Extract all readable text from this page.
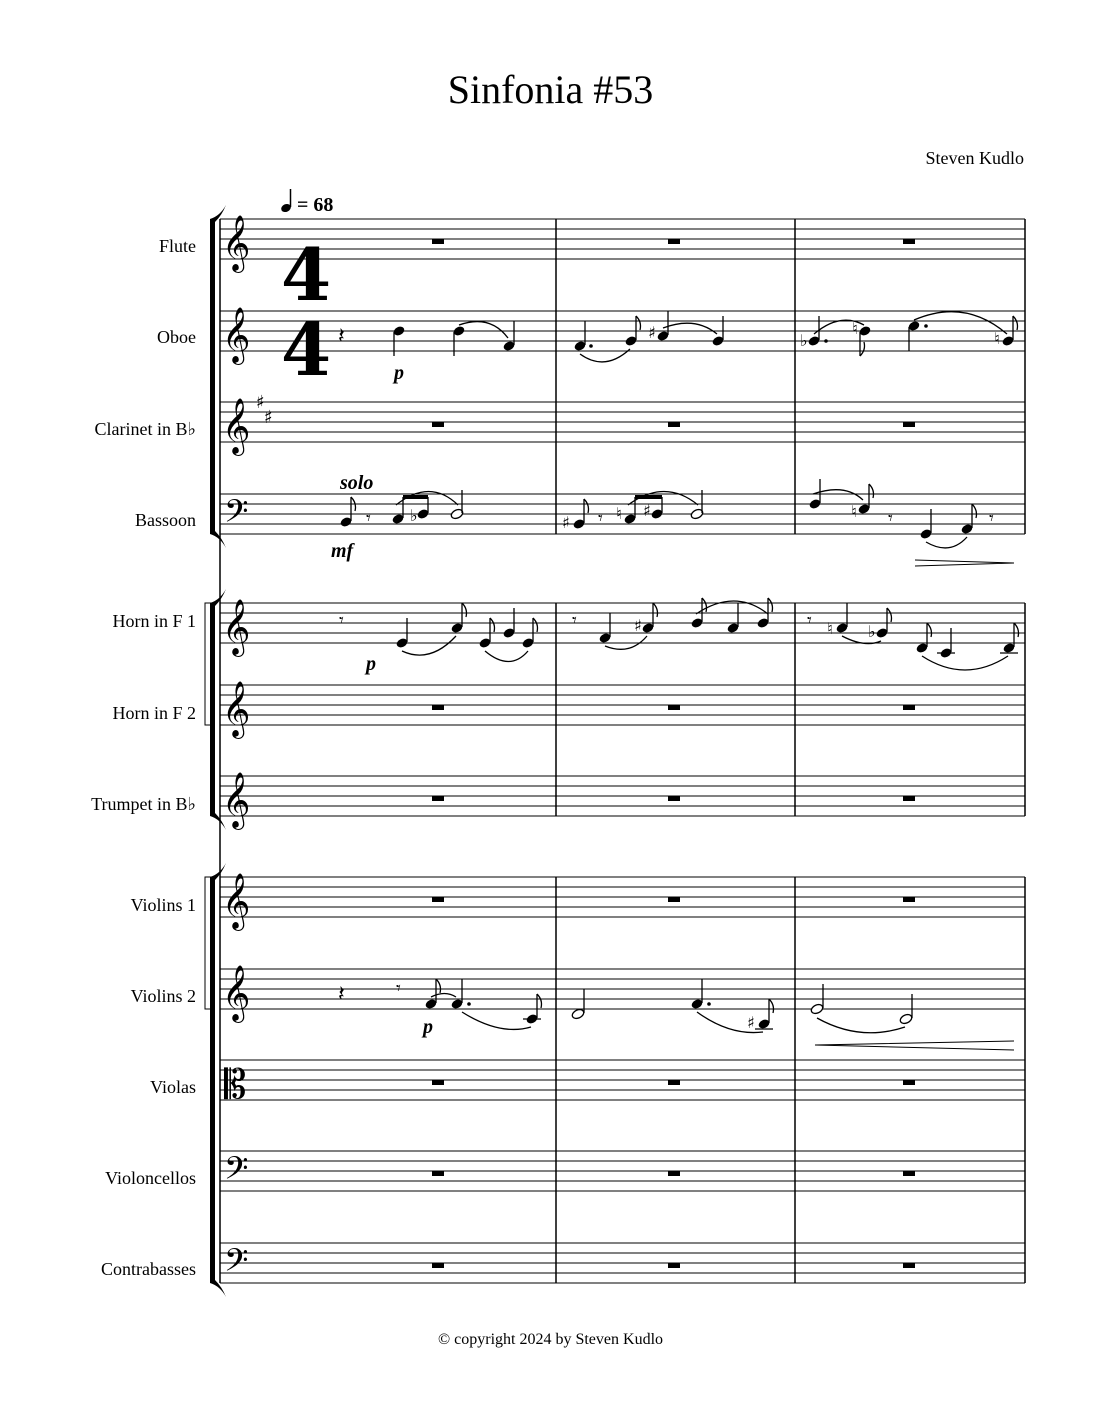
Sinfonia #53
Steven Kudlo
Flute
Oboe
Clarinet in B♭
Bassoon
Horn in F 1
Horn in F 2
Trumpet in B♭
Violins 1
Violins 2
Violas
Violoncellos
Contrabasses
= 68
𝄞
𝄞
𝄞
𝄢
𝄞
𝄞
𝄞
𝄞
𝄞
𝄡
𝄢
𝄢
♯
♯
4
4 𝄽	♯	♭
♮
♮
p
𝄾 ♭	♯ 𝄾 ♮ ♯	♮ 𝄾	𝄾
solo
mf
𝄾	𝄾	♯	𝄾 ♮ ♭
p
𝄽	𝄾
♯
p
© copyright 2024 by Steven Kudlo
